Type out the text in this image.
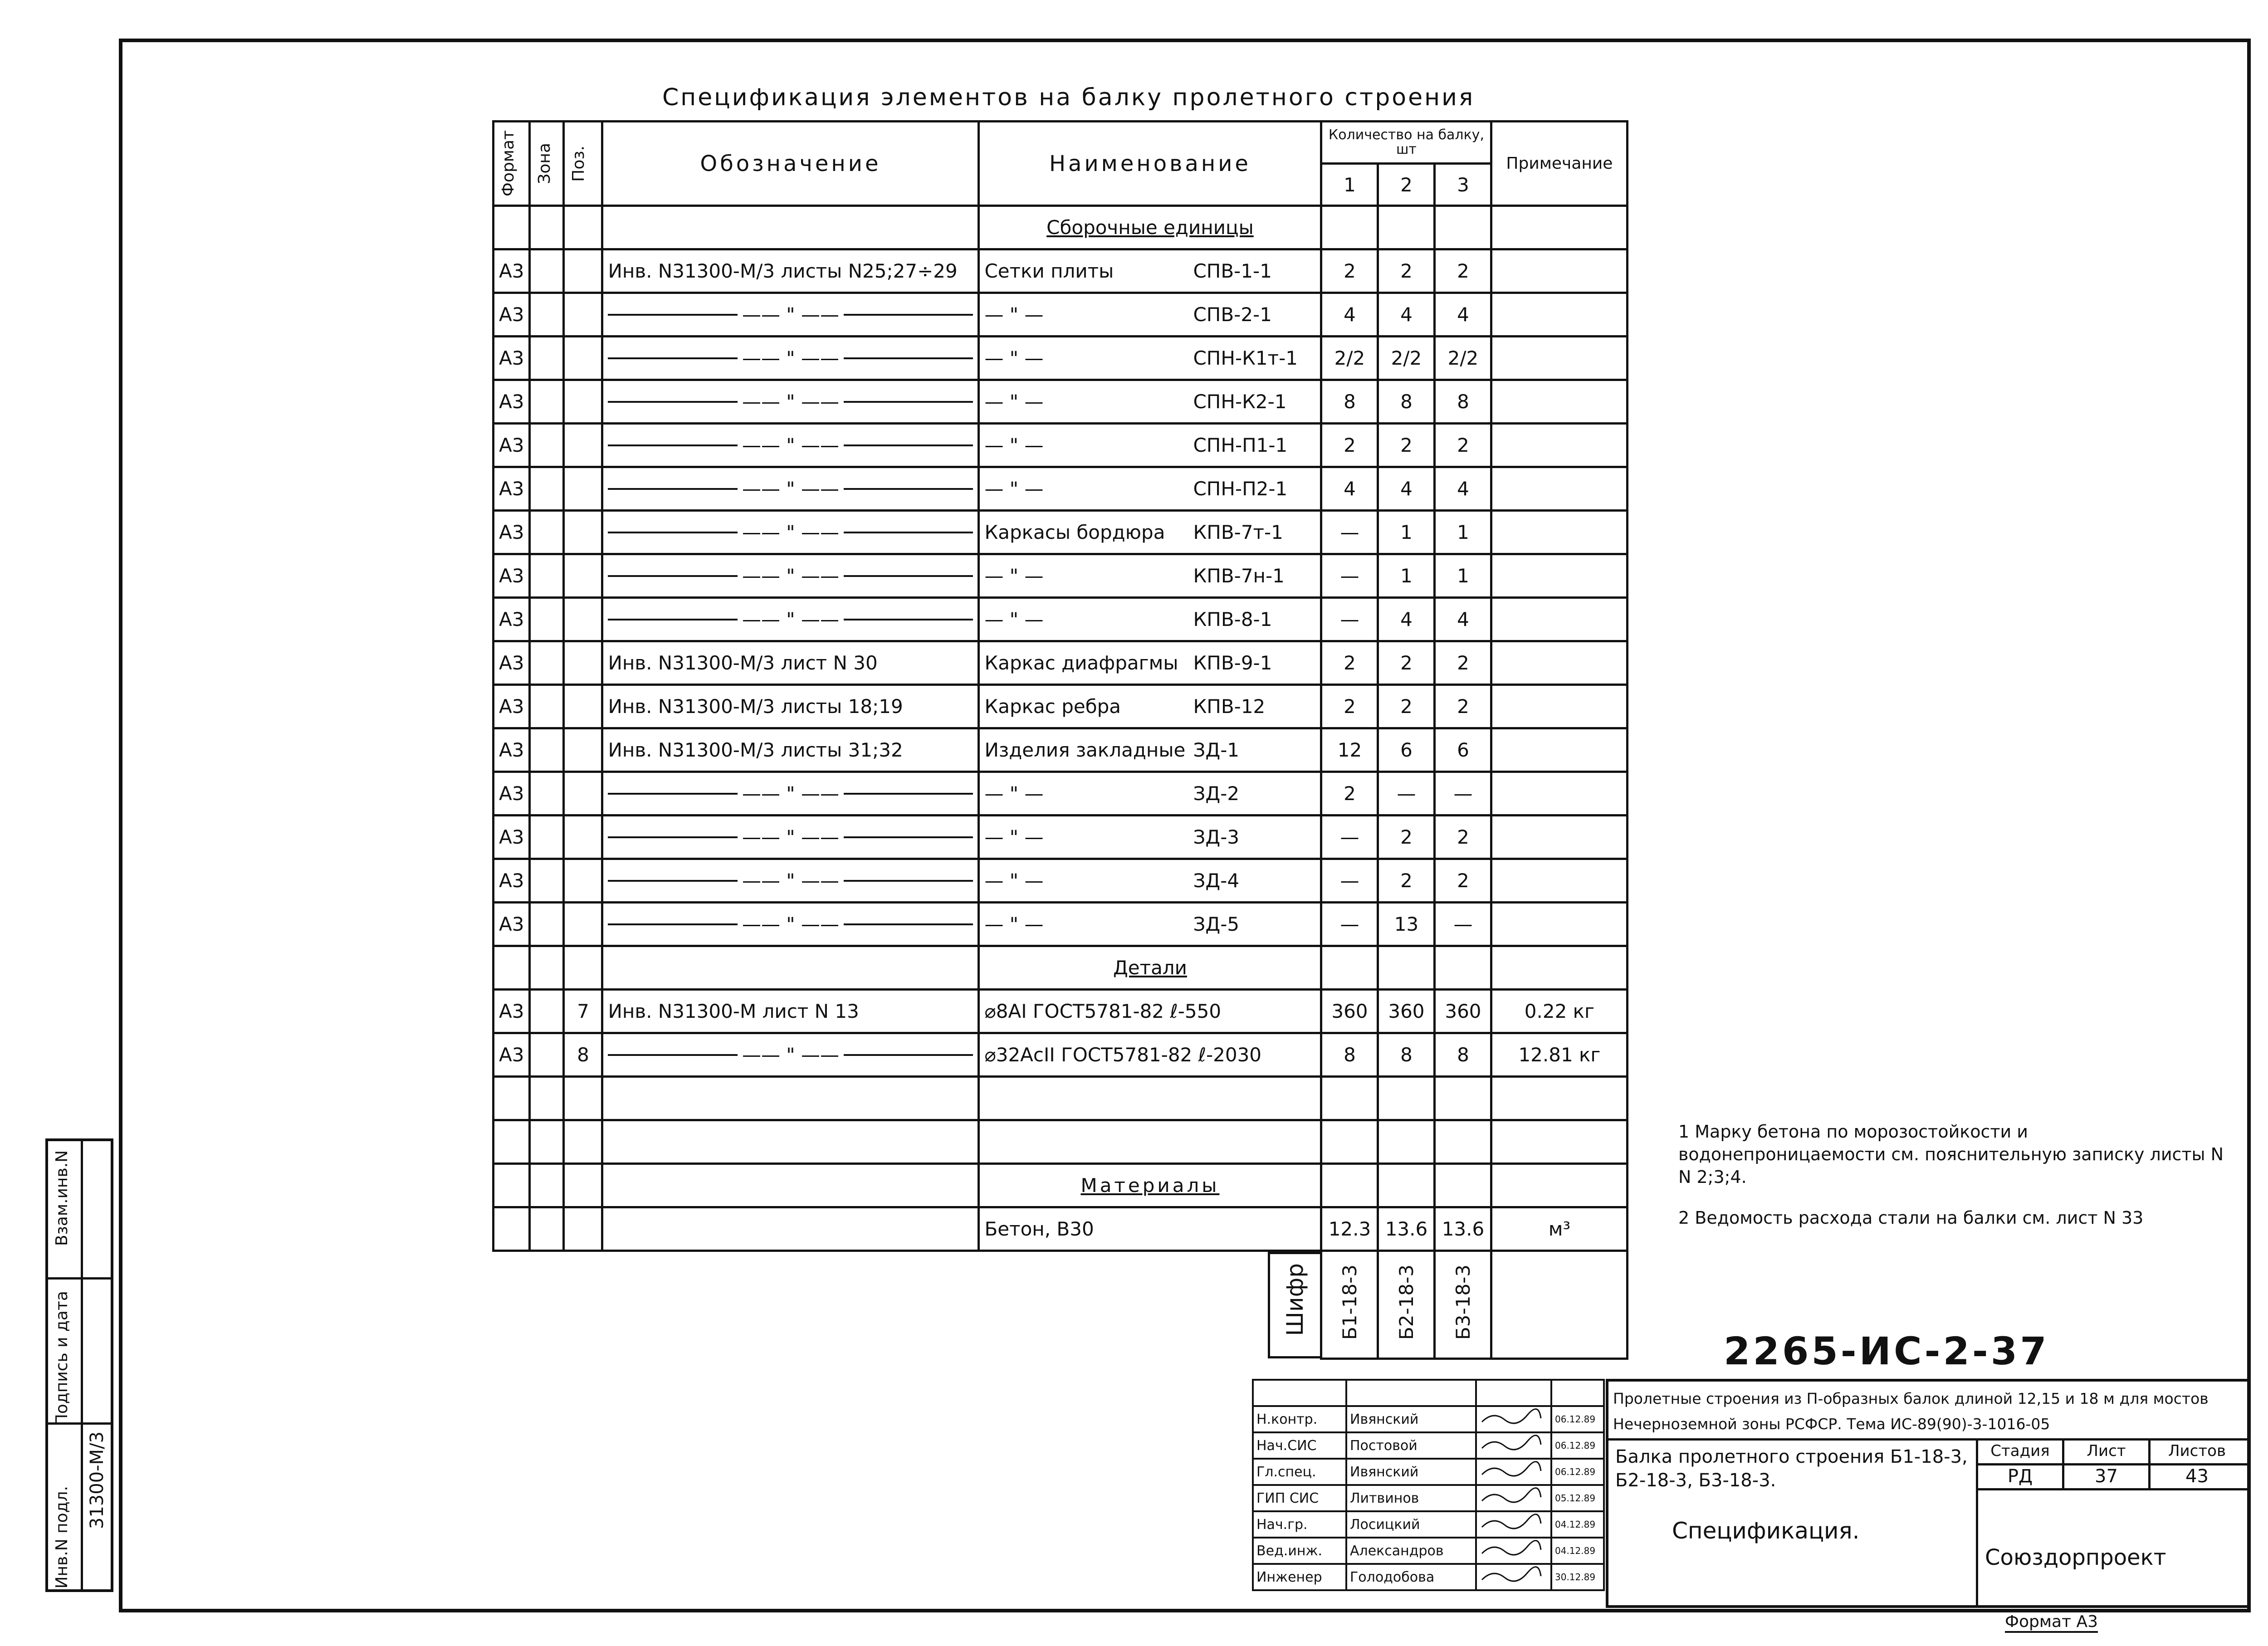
Спецификация элементов на балку пролетного строения
Формат	Зона	Поз.	Обозначение	Наименование	Количество на балку, шт			Примечание
					1	2	3	
				Сборочные единицы				
А3			Инв. N31300-М/3 листы N25;27÷29	Сетки плиты СПВ-1-1	2	2	2	
А3			—— " ——	— " — СПВ-2-1	4	4	4	
А3			—— " ——	— " — СПН-К1т-1	2/2	2/2	2/2	
А3			—— " ——	— " — СПН-К2-1	8	8	8	
А3			—— " ——	— " — СПН-П1-1	2	2	2	
А3			—— " ——	— " — СПН-П2-1	4	4	4	
А3			—— " ——	Каркасы бордюра КПВ-7т-1	—	1	1	
А3			—— " ——	— " — КПВ-7н-1	—	1	1	
А3			—— " ——	— " — КПВ-8-1	—	4	4	
А3			Инв. N31300-М/3 лист N 30	Каркас диафрагмы КПВ-9-1	2	2	2	
А3			Инв. N31300-М/3 листы 18;19	Каркас ребра КПВ-12	2	2	2	
А3			Инв. N31300-М/3 листы 31;32	Изделия закладные ЗД-1	12	6	6	
А3			—— " ——	— " — ЗД-2	2	—	—	
А3			—— " ——	— " — ЗД-3	—	2	2	
А3			—— " ——	— " — ЗД-4	—	2	2	
А3			—— " ——	— " — ЗД-5	—	13	—	
				Детали				
А3		7	Инв. N31300-М лист N 13	⌀8АI ГОСТ5781-82 ℓ-550	360	360	360	0.22 кг
А3		8	—— " ——	⌀32АсII ГОСТ5781-82 ℓ-2030	8	8	8	12.81 кг

				Материалы				
				Бетон, В30	12.3	13.6	13.6	м³
				Шифр	Б1-18-3	Б2-18-3	Б3-18-3	

1 Марку бетона по морозостойкости и водонепроницаемости см. пояснительную записку листы N N 2;3;4.

2 Ведомость расхода стали на балки см. лист N 33

2265-ИС-2-37

Н.контр.	Ивянский		06.12.89
Нач.СИС	Постовой		06.12.89
Гл.спец.	Ивянский		06.12.89
ГИП СИС	Литвинов		05.12.89
Нач.гр.	Лосицкий		04.12.89
Вед.инж.	Александров		04.12.89
Инженер	Голодобова		30.12.89
Пролетные строения из П-образных балок длиной 12,15 и 18 м для мостов Нечерноземной зоны РСФСР. Тема ИС-89(90)-3-1016-05
Балка пролетного строения Б1-18-3, Б2-18-3, Б3-18-3.
Спецификация.
Стадия	Лист	Листов
РД	37	43
Союздорпроект
Формат А3
Взам.инв.N
Подпись и дата
Инв.N подл.
31300-М/3
